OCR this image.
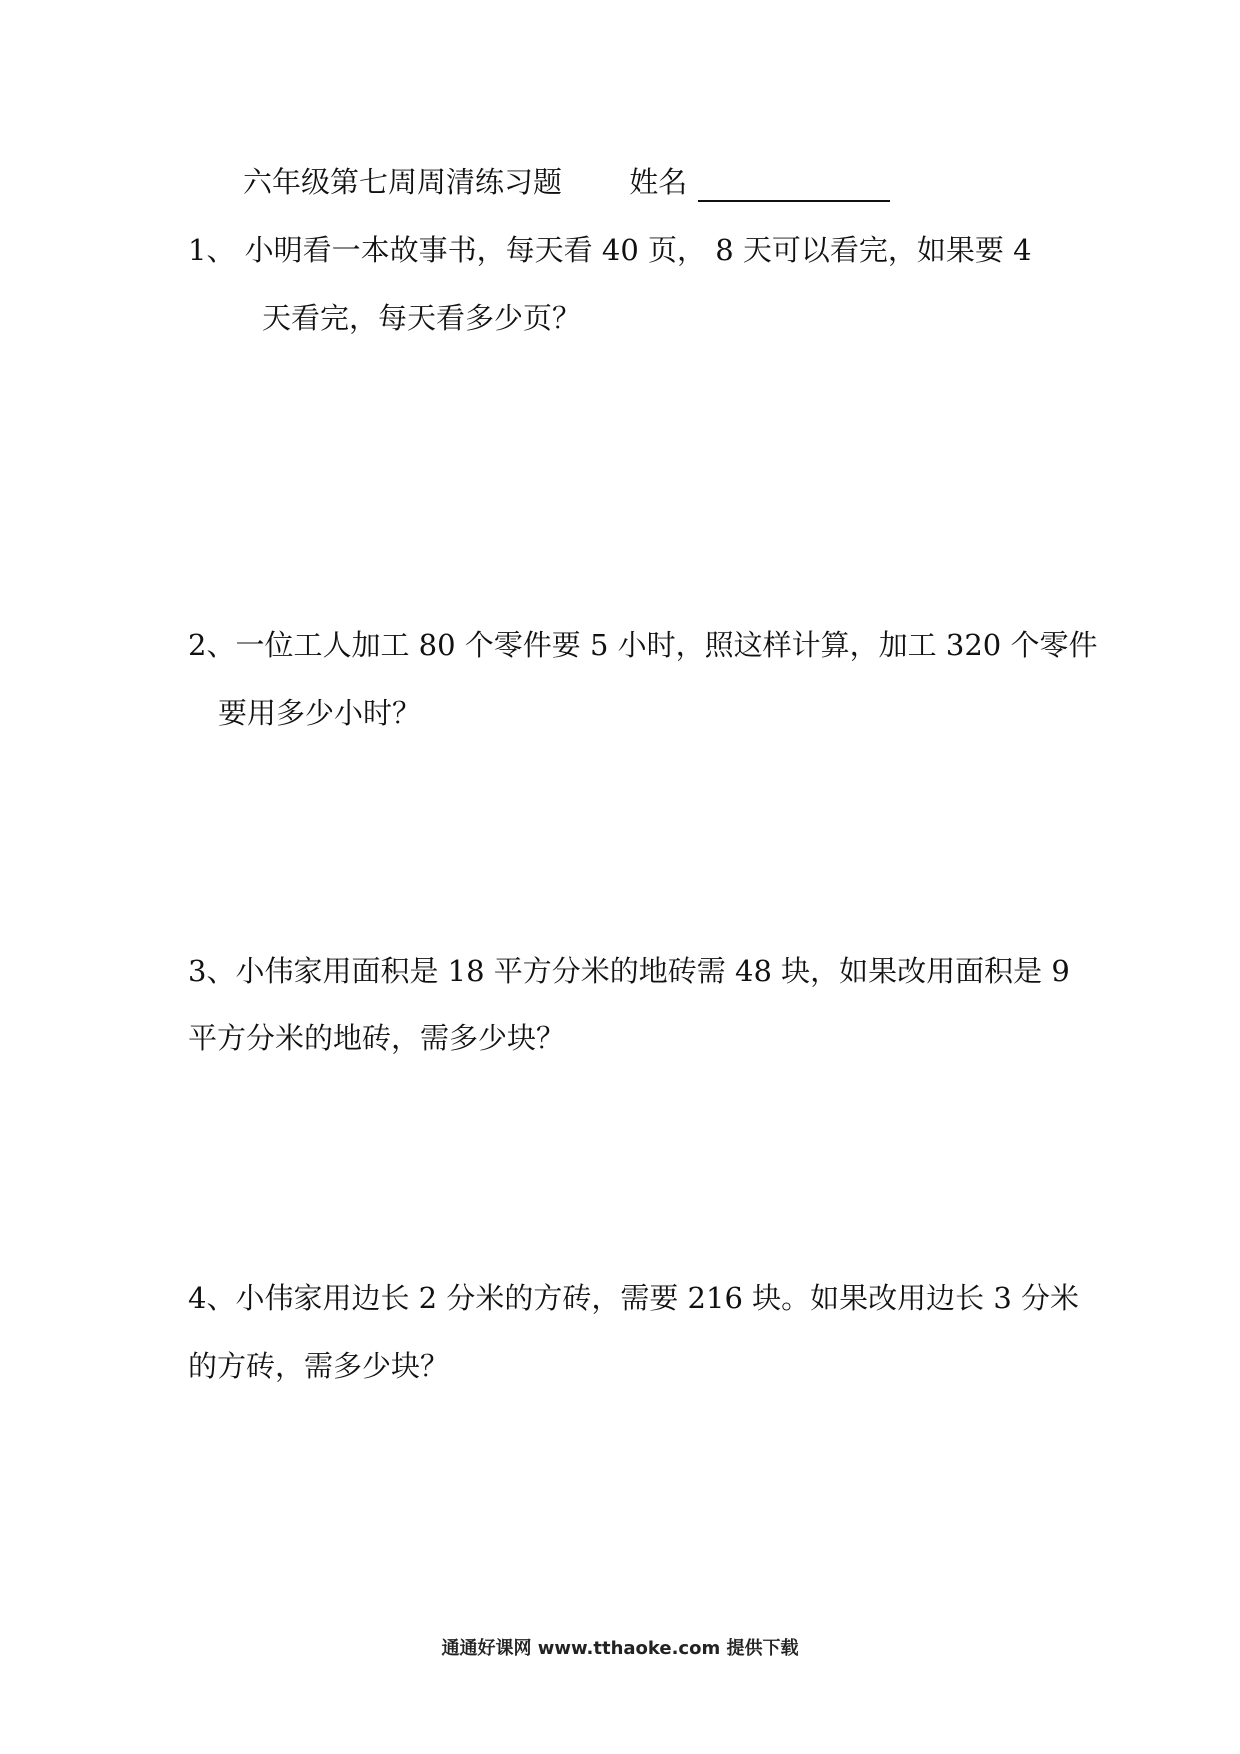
六年级第七周周清练习题 姓名
1、 小明看一本故事书，每天看 40 页， 8 天可以看完，如果要 4
天看完，每天看多少页？
2、一位工人加工 80 个零件要 5 小时，照这样计算，加工 320 个零件
要用多少小时？
3、小伟家用面积是 18 平方分米的地砖需 48 块，如果改用面积是 9
平方分米的地砖，需多少块？
4、小伟家用边长 2 分米的方砖，需要 216 块。如果改用边长 3 分米
的方砖，需多少块？
通通好课网 www.tthaoke.com 提供下载
